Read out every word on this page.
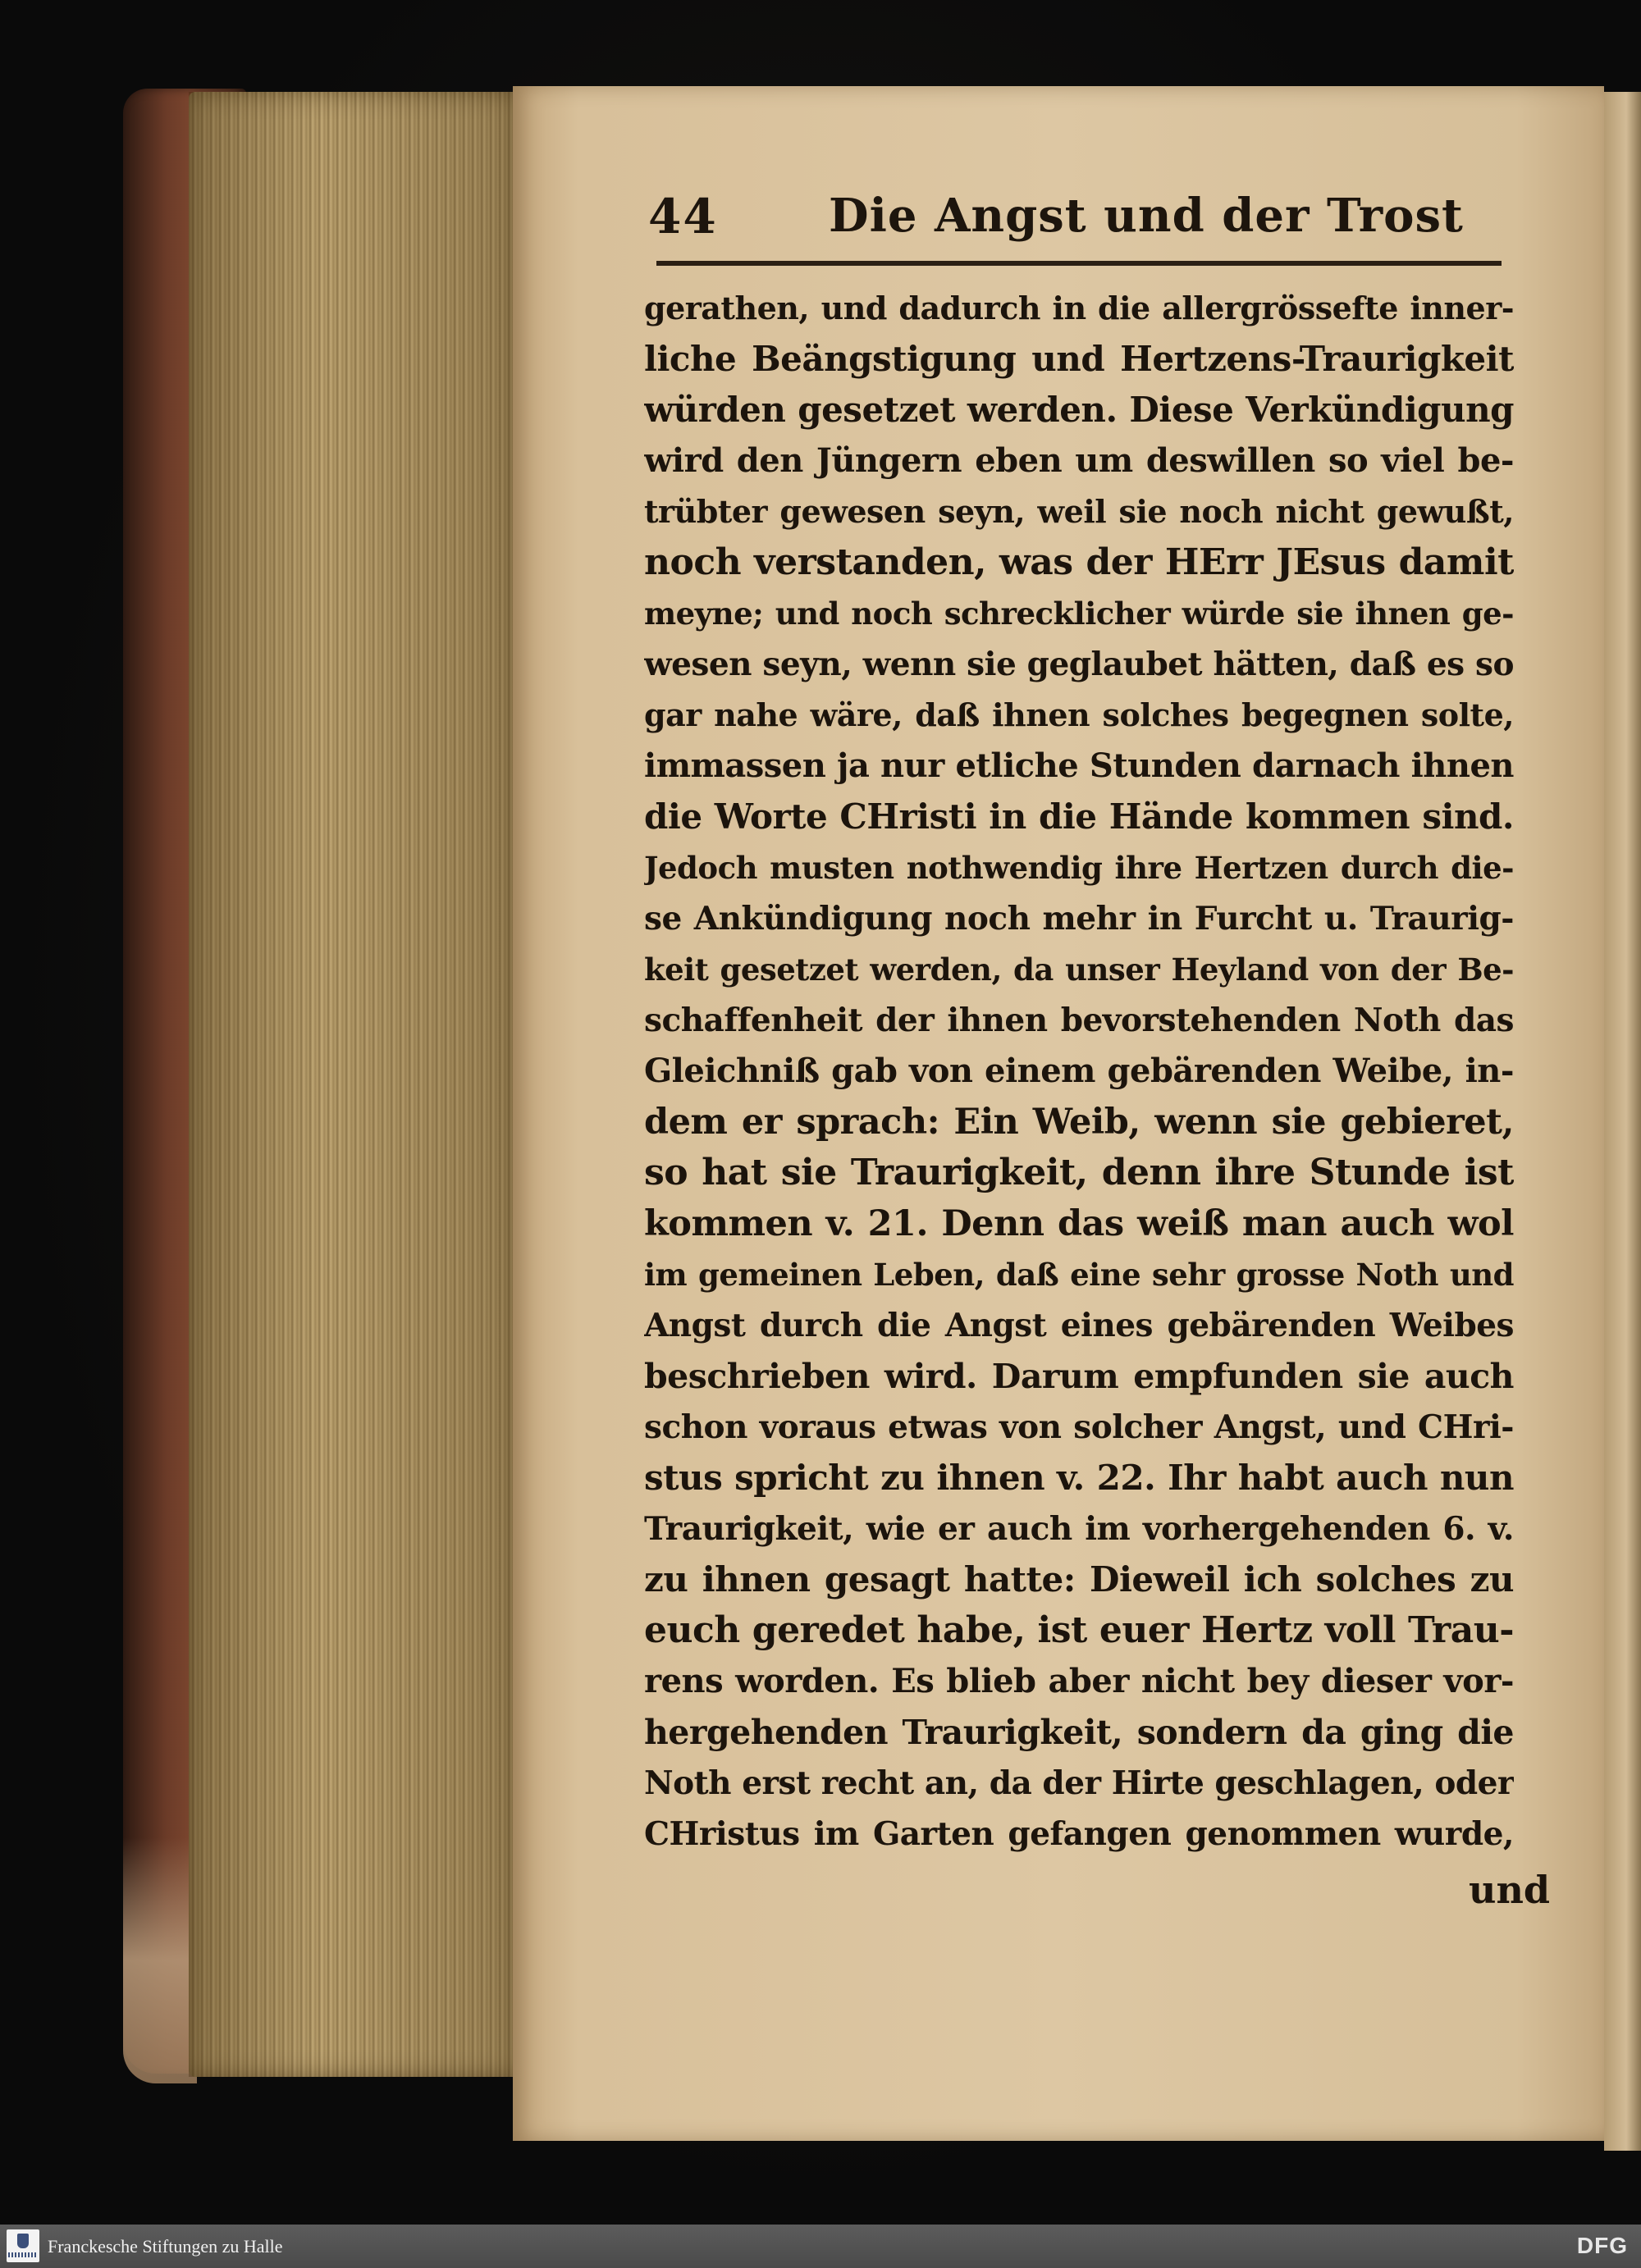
44 Die Angst und der Trost
gerathen, und dadurch in die allergrössefte inner-
liche Beängstigung und Hertzens-Traurigkeit
würden gesetzet werden. Diese Verkündigung
wird den Jüngern eben um deswillen so viel be-
trübter gewesen seyn, weil sie noch nicht gewußt,
noch verstanden, was der HErr JEsus damit
meyne; und noch schrecklicher würde sie ihnen ge-
wesen seyn, wenn sie geglaubet hätten, daß es so
gar nahe wäre, daß ihnen solches begegnen solte,
immassen ja nur etliche Stunden darnach ihnen
die Worte CHristi in die Hände kommen sind.
Jedoch musten nothwendig ihre Hertzen durch die-
se Ankündigung noch mehr in Furcht u. Traurig-
keit gesetzet werden, da unser Heyland von der Be-
schaffenheit der ihnen bevorstehenden Noth das
Gleichniß gab von einem gebärenden Weibe, in-
dem er sprach: Ein Weib, wenn sie gebieret,
so hat sie Traurigkeit, denn ihre Stunde ist
kommen v. 21. Denn das weiß man auch wol
im gemeinen Leben, daß eine sehr grosse Noth und
Angst durch die Angst eines gebärenden Weibes
beschrieben wird. Darum empfunden sie auch
schon voraus etwas von solcher Angst, und CHri-
stus spricht zu ihnen v. 22. Ihr habt auch nun
Traurigkeit, wie er auch im vorhergehenden 6. v.
zu ihnen gesagt hatte: Dieweil ich solches zu
euch geredet habe, ist euer Hertz voll Trau-
rens worden. Es blieb aber nicht bey dieser vor-
hergehenden Traurigkeit, sondern da ging die
Noth erst recht an, da der Hirte geschlagen, oder
CHristus im Garten gefangen genommen wurde,
und
Franckesche Stiftungen zu Halle	DFG
